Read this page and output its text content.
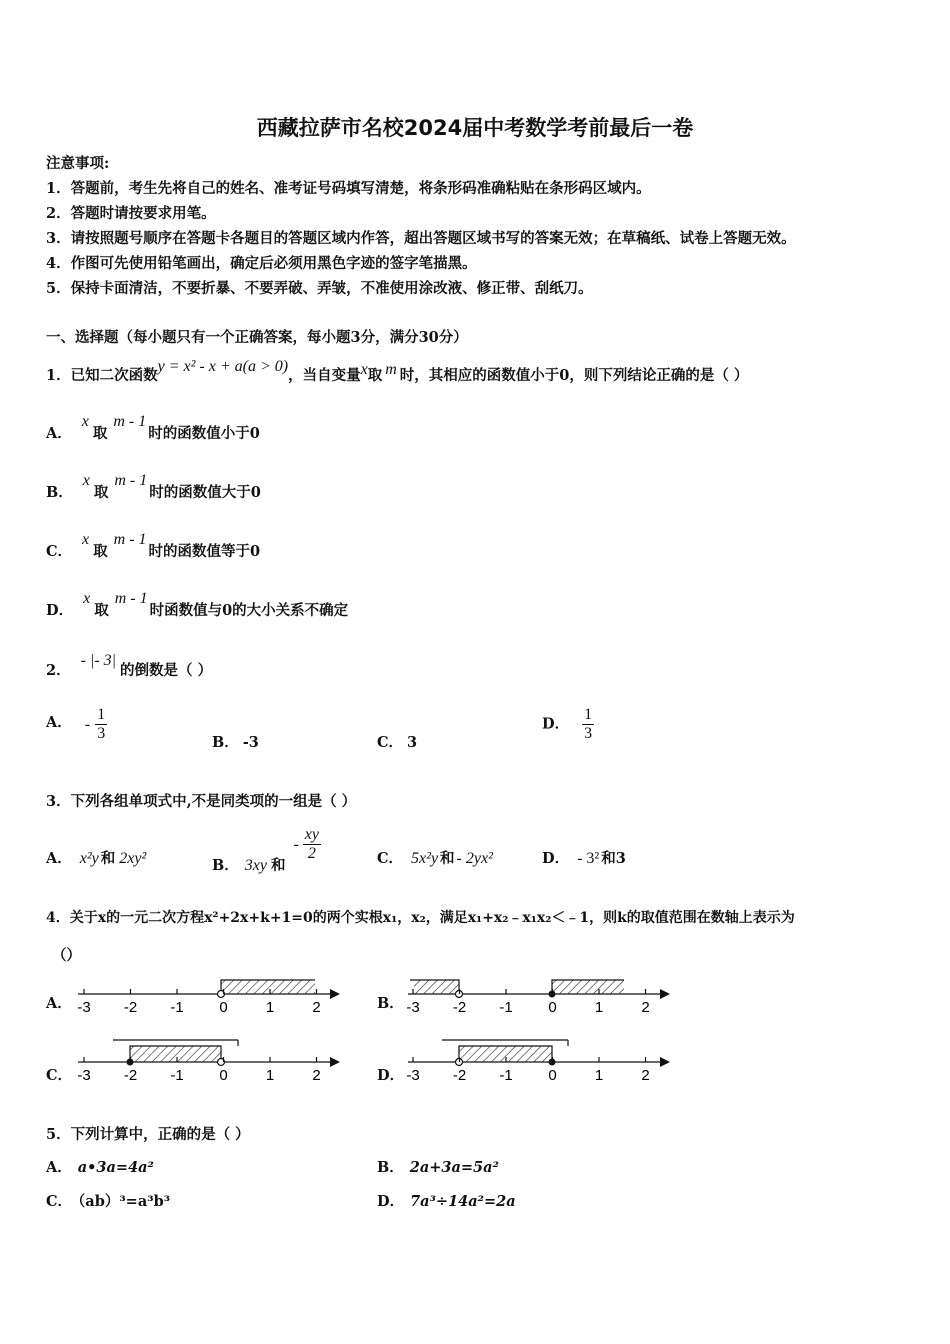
西藏拉萨市名校2024届中考数学考前最后一卷
注意事项:
1．答题前，考生先将自己的姓名、准考证号码填写清楚，将条形码准确粘贴在条形码区域内。
2．答题时请按要求用笔。
3．请按照题号顺序在答题卡各题目的答题区域内作答，超出答题区域书写的答案无效；在草稿纸、试卷上答题无效。
4．作图可先使用铅笔画出，确定后必须用黑色字迹的签字笔描黑。
5．保持卡面清洁，不要折暴、不要弄破、弄皱，不准使用涂改液、修正带、刮纸刀。
一、选择题（每小题只有一个正确答案，每小题3分，满分30分）
1．已知二次函数y = x² - x + a(a > 0)，当自变量x取 m 时，其相应的函数值小于0，则下列结论正确的是（ ）
A．x取m - 1时的函数值小于0
B．x取m - 1时的函数值大于0
C．x取m - 1时的函数值等于0
D．x取m - 1时函数值与0的大小关系不确定
2．- |- 3|的倒数是（ ）
A． - $\frac{1}{3}$	B． -3	C． 3
D． $\frac{1}{3}$
3．下列各组单项式中,不是同类项的一组是（ ）
A． x²y 和 2xy²	B． 3xy 和- $\frac{xy}{2}$	C． 5x²y 和 - 2yx²	D． - 3² 和3
4．关于x的一元二次方程x²+2x+k+1=0的两个实根x₁，x₂，满足x₁+x₂﹣x₁x₂＜﹣1，则k的取值范围在数轴上表示为
（）
A．	B．
C．	D．
-3 -2 -1 0	1	2	-3 -2 -1 0	1	2
-3 -2 -1 0	1	2	-3 -2 -1 0	1	2
5．下列计算中，正确的是（ ）
A． a•3a=4a²	B． 2a+3a=5a²
C． （ab）³=a³b³	D． 7a³÷14a²=2a
